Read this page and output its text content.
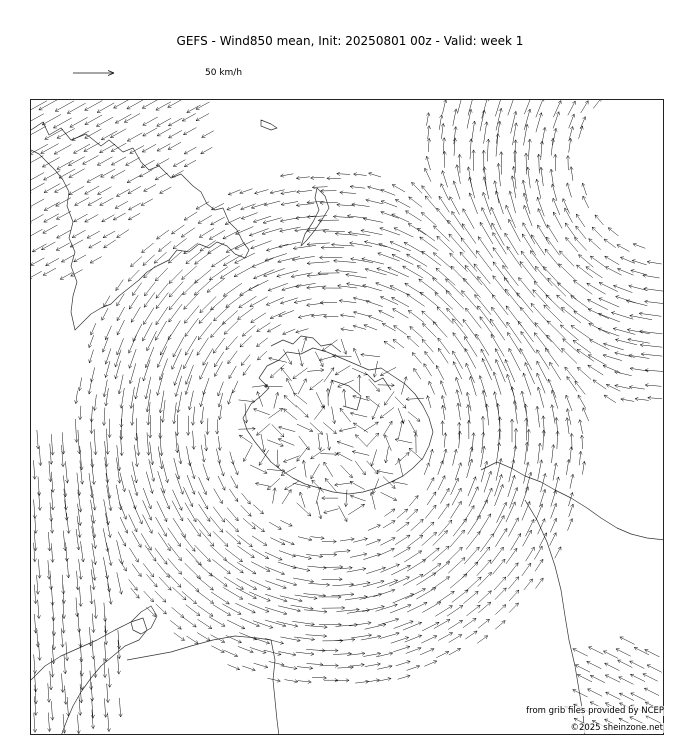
GEFS - Wind850 mean, Init: 20250801 00z - Valid: week 1
50 km/h
from grib files provided by NCEP
©2025 sheinzone.net
